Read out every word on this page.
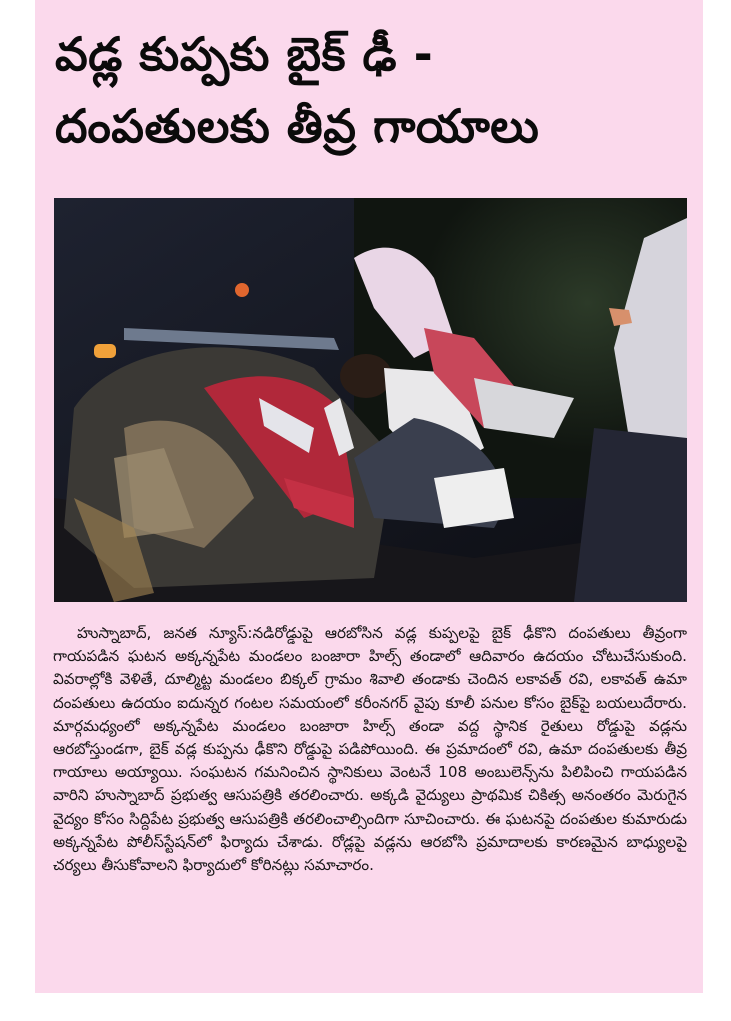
వడ్ల కుప్పకు బైక్ ఢీ -
దంపతులకు తీవ్ర గాయాలు

హుస్నాబాద్, జనత న్యూస్:నడిరోడ్డుపై ఆరబోసిన వడ్ల కుప్పలపై బైక్ ఢీకొని దంపతులు తీవ్రంగా గాయపడిన ఘటన అక్కన్నపేట మండలం బంజారా హిల్స్ తండాలో ఆదివారం ఉదయం చోటుచేసుకుంది. వివరాల్లోకి వెళితే, దూల్మిట్ట మండలం బిక్కల్ గ్రామం శివాలి తండాకు చెందిన లకావత్ రవి, లకావత్ ఉమా దంపతులు ఉదయం ఐదున్నర గంటల సమయంలో కరీంనగర్ వైపు కూలీ పనుల కోసం బైక్‌పై బయలుదేరారు. మార్గమధ్యంలో అక్కన్నపేట మండలం బంజారా హిల్స్ తండా వద్ద స్థానిక రైతులు రోడ్డుపై వడ్లను ఆరబోస్తుండగా, బైక్ వడ్ల కుప్పను ఢీకొని రోడ్డుపై పడిపోయింది. ఈ ప్రమాదంలో రవి, ఉమా దంపతులకు తీవ్ర గాయాలు అయ్యాయి. సంఘటన గమనించిన స్థానికులు వెంటనే 108 అంబులెన్స్‌ను పిలిపించి గాయపడిన వారిని హుస్నాబాద్ ప్రభుత్వ ఆసుపత్రికి తరలించారు. అక్కడి వైద్యులు ప్రాథమిక చికిత్స అనంతరం మెరుగైన వైద్యం కోసం సిద్దిపేట ప్రభుత్వ ఆసుపత్రికి తరలించాల్సిందిగా సూచించారు. ఈ ఘటనపై దంపతుల కుమారుడు అక్కన్నపేట పోలీస్‌స్టేషన్‌లో ఫిర్యాదు చేశాడు. రోడ్లపై వడ్లను ఆరబోసి ప్రమాదాలకు కారణమైన బాధ్యులపై చర్యలు తీసుకోవాలని ఫిర్యాదులో కోరినట్లు సమాచారం.
